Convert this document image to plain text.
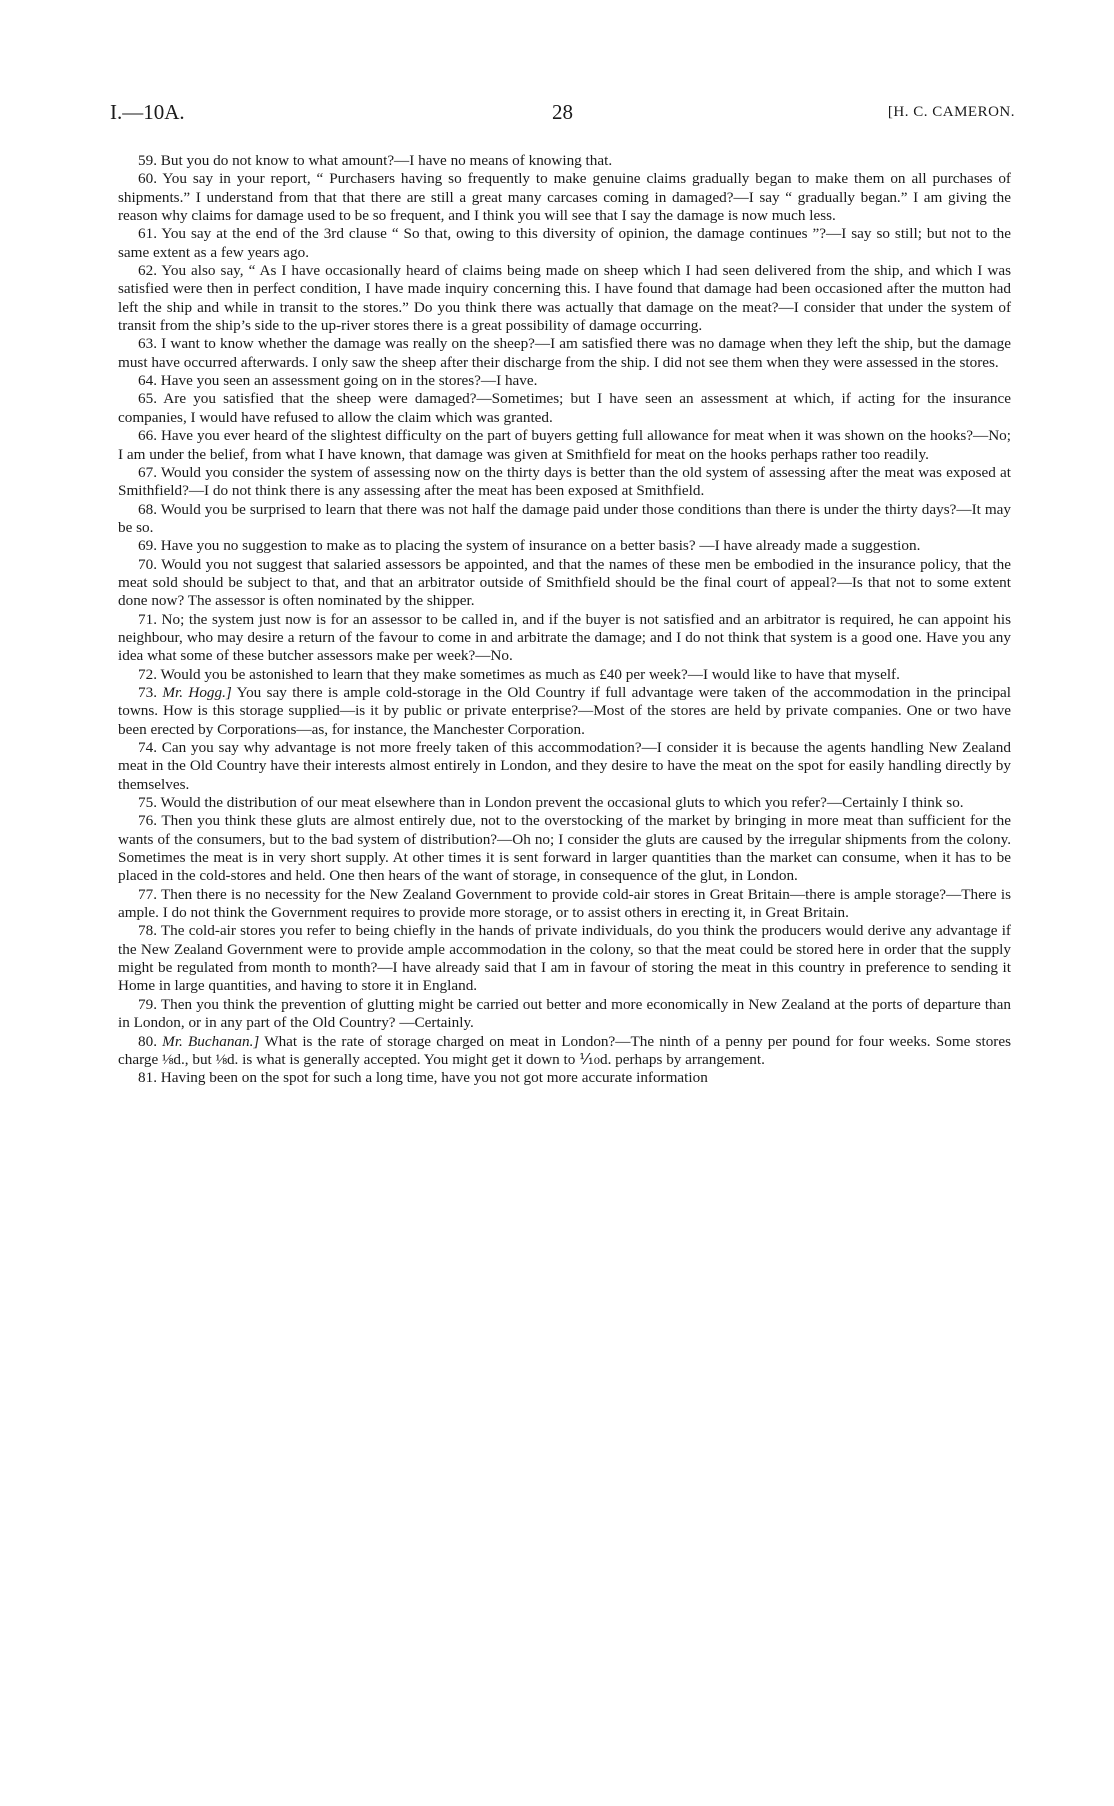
I.—10A.	28	[H. C. CAMERON.

59. But you do not know to what amount?—I have no means of knowing that.

60. You say in your report, “ Purchasers having so frequently to make genuine claims gradually began to make them on all purchases of shipments.” I understand from that that there are still a great many carcases coming in damaged?—I say “ gradually began.” I am giving the reason why claims for damage used to be so frequent, and I think you will see that I say the damage is now much less.

61. You say at the end of the 3rd clause “ So that, owing to this diversity of opinion, the damage continues ”?—I say so still; but not to the same extent as a few years ago.

62. You also say, “ As I have occasionally heard of claims being made on sheep which I had seen delivered from the ship, and which I was satisfied were then in perfect condition, I have made inquiry concerning this. I have found that damage had been occasioned after the mutton had left the ship and while in transit to the stores.” Do you think there was actually that damage on the meat?—I consider that under the system of transit from the ship’s side to the up-river stores there is a great possibility of damage occurring.

63. I want to know whether the damage was really on the sheep?—I am satisfied there was no damage when they left the ship, but the damage must have occurred afterwards. I only saw the sheep after their discharge from the ship. I did not see them when they were assessed in the stores.

64. Have you seen an assessment going on in the stores?—I have.

65. Are you satisfied that the sheep were damaged?—Sometimes; but I have seen an assessment at which, if acting for the insurance companies, I would have refused to allow the claim which was granted.

66. Have you ever heard of the slightest difficulty on the part of buyers getting full allowance for meat when it was shown on the hooks?—No; I am under the belief, from what I have known, that damage was given at Smithfield for meat on the hooks perhaps rather too readily.

67. Would you consider the system of assessing now on the thirty days is better than the old system of assessing after the meat was exposed at Smithfield?—I do not think there is any assessing after the meat has been exposed at Smithfield.

68. Would you be surprised to learn that there was not half the damage paid under those conditions than there is under the thirty days?—It may be so.

69. Have you no suggestion to make as to placing the system of insurance on a better basis? —I have already made a suggestion.

70. Would you not suggest that salaried assessors be appointed, and that the names of these men be embodied in the insurance policy, that the meat sold should be subject to that, and that an arbitrator outside of Smithfield should be the final court of appeal?—Is that not to some extent done now? The assessor is often nominated by the shipper.

71. No; the system just now is for an assessor to be called in, and if the buyer is not satisfied and an arbitrator is required, he can appoint his neighbour, who may desire a return of the favour to come in and arbitrate the damage; and I do not think that system is a good one. Have you any idea what some of these butcher assessors make per week?—No.

72. Would you be astonished to learn that they make sometimes as much as £40 per week?—I would like to have that myself.

73. Mr. Hogg.] You say there is ample cold-storage in the Old Country if full advantage were taken of the accommodation in the principal towns. How is this storage supplied—is it by public or private enterprise?—Most of the stores are held by private companies. One or two have been erected by Corporations—as, for instance, the Manchester Corporation.

74. Can you say why advantage is not more freely taken of this accommodation?—I consider it is because the agents handling New Zealand meat in the Old Country have their interests almost entirely in London, and they desire to have the meat on the spot for easily handling directly by themselves.

75. Would the distribution of our meat elsewhere than in London prevent the occasional gluts to which you refer?—Certainly I think so.

76. Then you think these gluts are almost entirely due, not to the overstocking of the market by bringing in more meat than sufficient for the wants of the consumers, but to the bad system of distribution?—Oh no; I consider the gluts are caused by the irregular shipments from the colony. Sometimes the meat is in very short supply. At other times it is sent forward in larger quantities than the market can consume, when it has to be placed in the cold-stores and held. One then hears of the want of storage, in consequence of the glut, in London.

77. Then there is no necessity for the New Zealand Government to provide cold-air stores in Great Britain—there is ample storage?—There is ample. I do not think the Government requires to provide more storage, or to assist others in erecting it, in Great Britain.

78. The cold-air stores you refer to being chiefly in the hands of private individuals, do you think the producers would derive any advantage if the New Zealand Government were to provide ample accommodation in the colony, so that the meat could be stored here in order that the supply might be regulated from month to month?—I have already said that I am in favour of storing the meat in this country in preference to sending it Home in large quantities, and having to store it in England.

79. Then you think the prevention of glutting might be carried out better and more economically in New Zealand at the ports of departure than in London, or in any part of the Old Country? —Certainly.

80. Mr. Buchanan.] What is the rate of storage charged on meat in London?—The ninth of a penny per pound for four weeks. Some stores charge ⅛d., but ⅛d. is what is generally accepted. You might get it down to ⅒d. perhaps by arrangement.

81. Having been on the spot for such a long time, have you not got more accurate information
